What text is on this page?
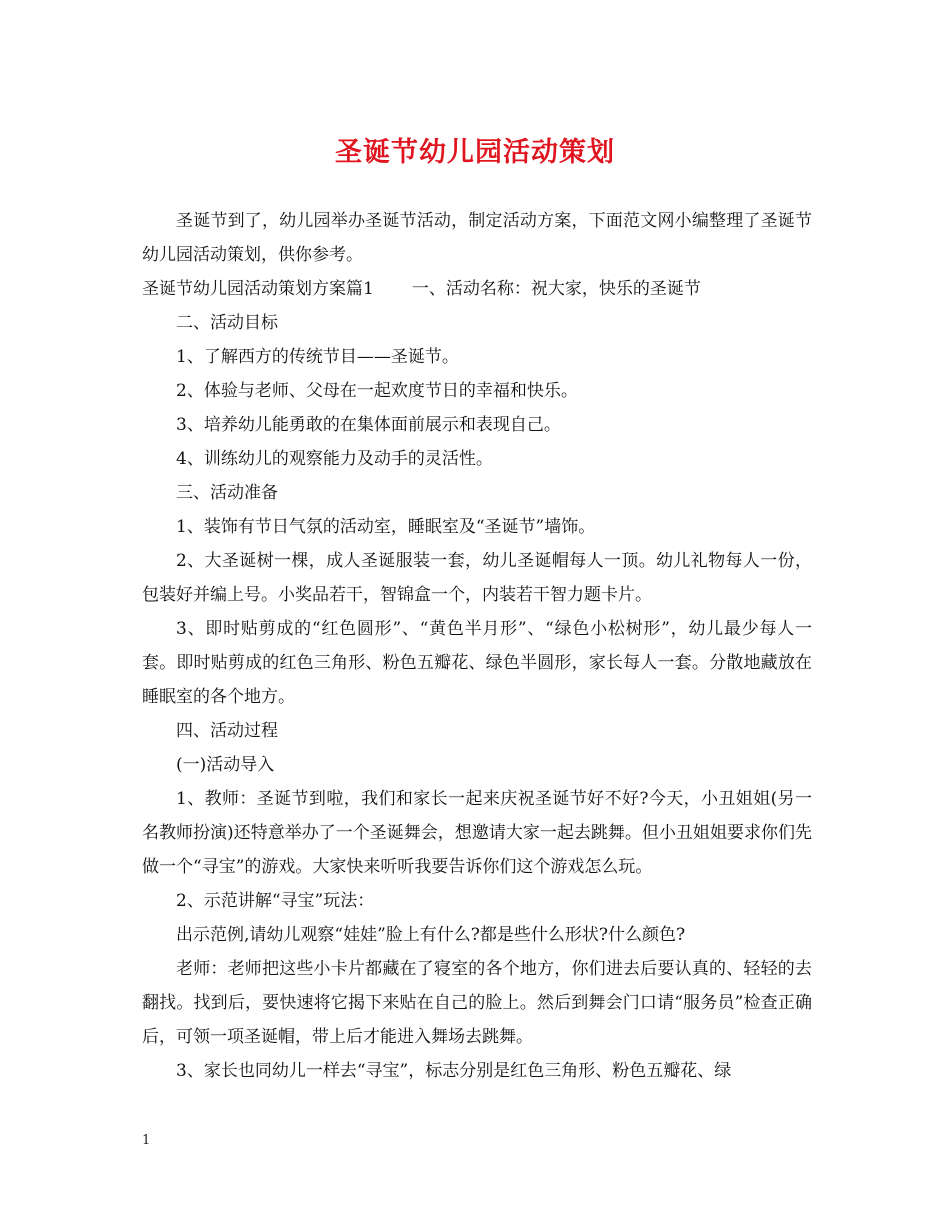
圣诞节幼儿园活动策划

圣诞节到了，幼儿园举办圣诞节活动，制定活动方案，下面范文网小编整理了圣诞节幼儿园活动策划，供你参考。

圣诞节幼儿园活动策划方案篇1 一、活动名称：祝大家，快乐的圣诞节

二、活动目标

1、了解西方的传统节目——圣诞节。

2、体验与老师、父母在一起欢度节日的幸福和快乐。

3、培养幼儿能勇敢的在集体面前展示和表现自己。

4、训练幼儿的观察能力及动手的灵活性。

三、活动准备

1、装饰有节日气氛的活动室，睡眠室及“圣诞节”墙饰。

2、大圣诞树一棵，成人圣诞服装一套，幼儿圣诞帽每人一顶。幼儿礼物每人一份，包装好并编上号。小奖品若干，智锦盒一个，内装若干智力题卡片。

3、即时贴剪成的“红色圆形”、“黄色半月形”、“绿色小松树形”，幼儿最少每人一套。即时贴剪成的红色三角形、粉色五瓣花、绿色半圆形，家长每人一套。分散地藏放在睡眠室的各个地方。

四、活动过程

(一)活动导入

1、教师：圣诞节到啦，我们和家长一起来庆祝圣诞节好不好?今天，小丑姐姐(另一名教师扮演)还特意举办了一个圣诞舞会，想邀请大家一起去跳舞。但小丑姐姐要求你们先做一个“寻宝”的游戏。大家快来听听我要告诉你们这个游戏怎么玩。

2、示范讲解“寻宝”玩法：

出示范例,请幼儿观察“娃娃”脸上有什么?都是些什么形状?什么颜色?

老师：老师把这些小卡片都藏在了寝室的各个地方，你们进去后要认真的、轻轻的去翻找。找到后，要快速将它揭下来贴在自己的脸上。然后到舞会门口请“服务员”检查正确后，可领一项圣诞帽，带上后才能进入舞场去跳舞。

3、家长也同幼儿一样去“寻宝”，标志分别是红色三角形、粉色五瓣花、绿

1
